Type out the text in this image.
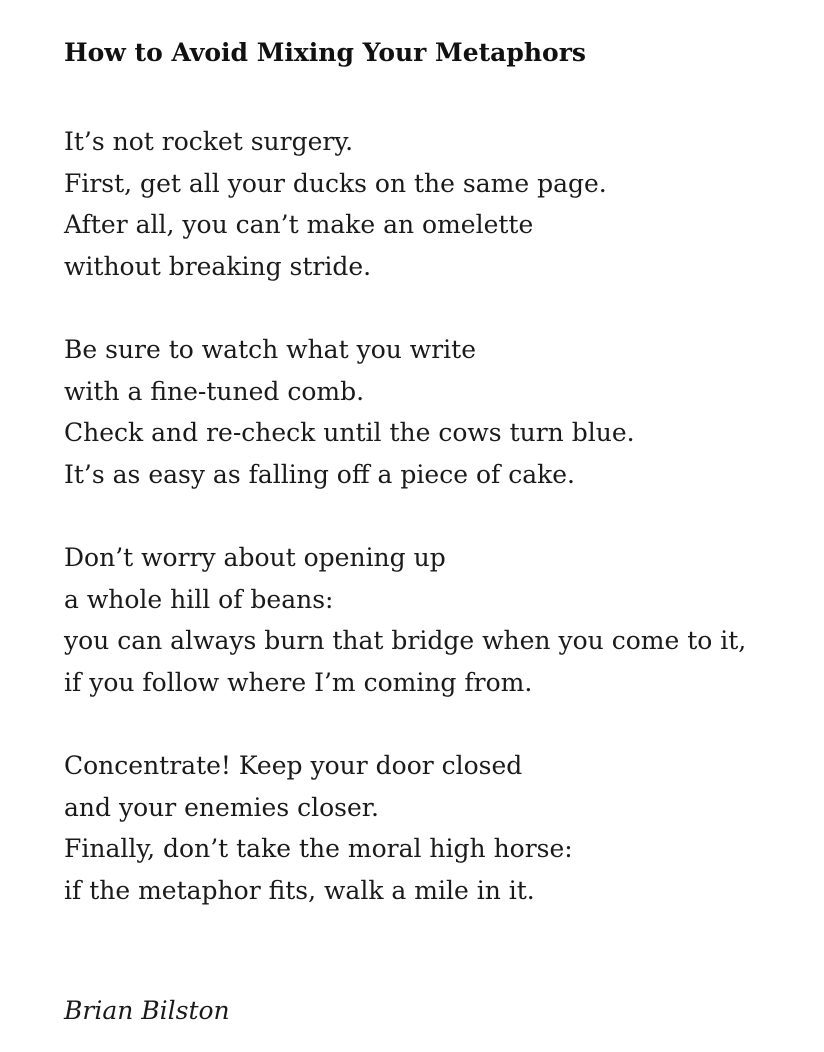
How to Avoid Mixing Your Metaphors

It’s not rocket surgery.
First, get all your ducks on the same page.
After all, you can’t make an omelette
without breaking stride.

Be sure to watch what you write
with a fine-tuned comb.
Check and re-check until the cows turn blue.
It’s as easy as falling off a piece of cake.

Don’t worry about opening up
a whole hill of beans:
you can always burn that bridge when you come to it,
if you follow where I’m coming from.

Concentrate! Keep your door closed
and your enemies closer.
Finally, don’t take the moral high horse:
if the metaphor fits, walk a mile in it.

Brian Bilston
